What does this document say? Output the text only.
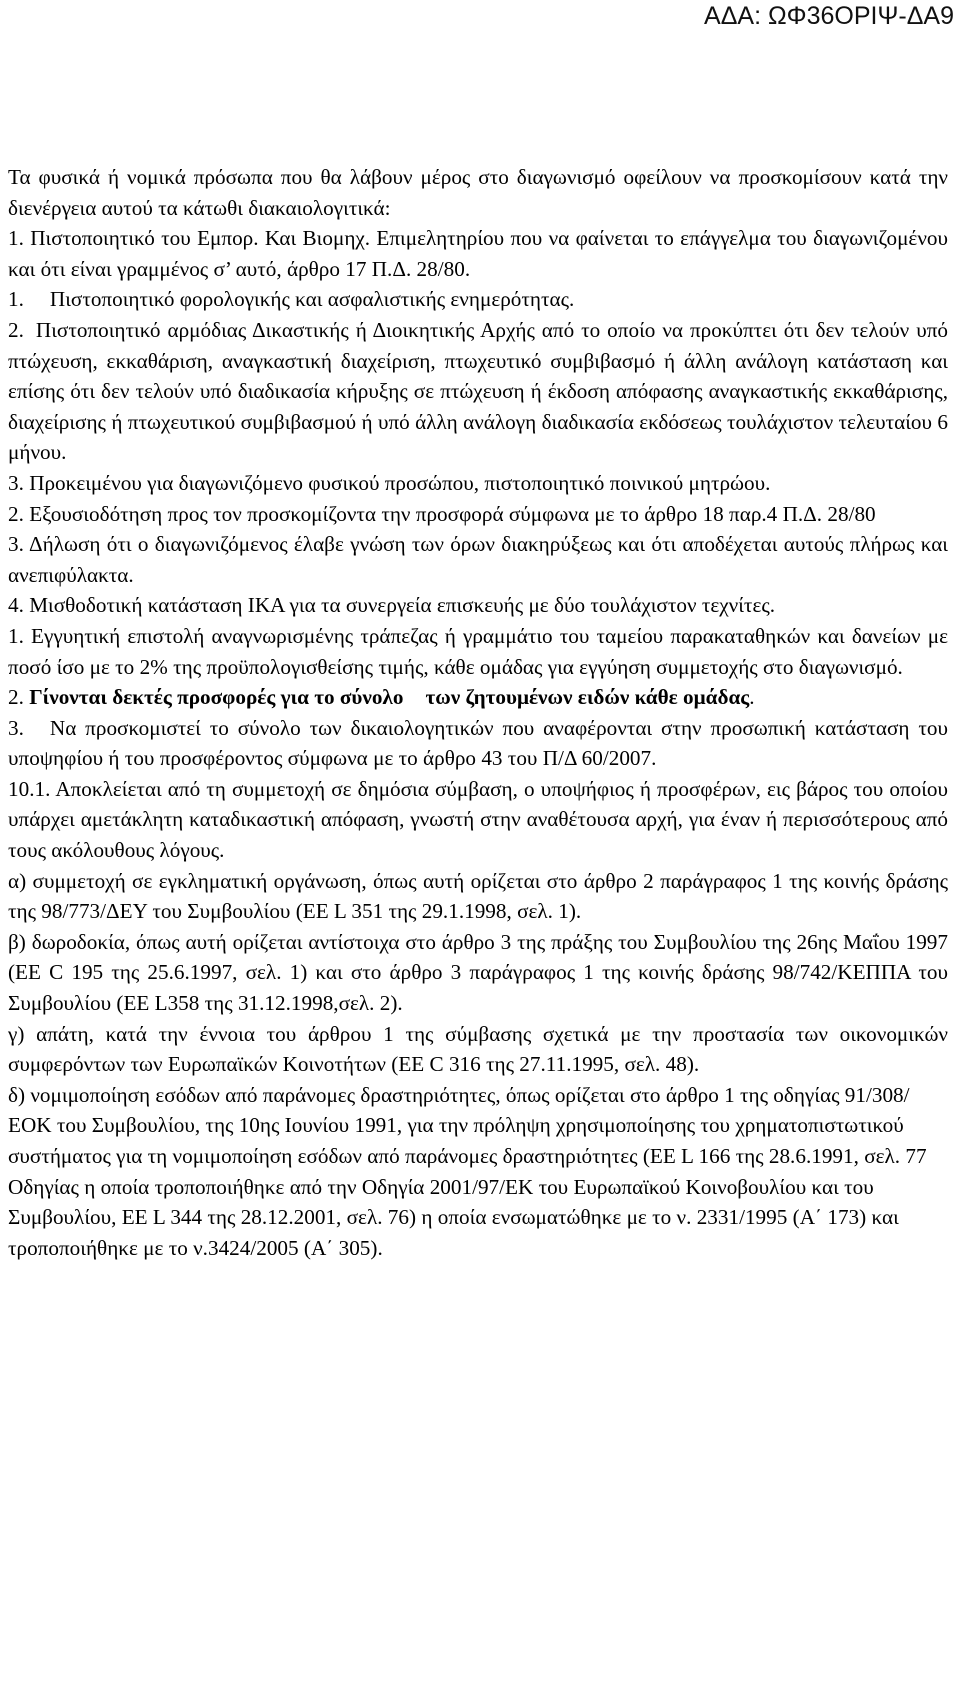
ΑΔΑ: ΩΦ36ΟΡΙΨ-ΔΑ9

Τα φυσικά ή νομικά πρόσωπα που θα λάβουν μέρος στο διαγωνισμό οφείλουν να προσκομίσουν κατά την διενέργεια αυτού τα κάτωθι διακαιολογιτικά:

1. Πιστοποιητικό του Εμπορ. Και Βιομηχ. Επιμελητηρίου που να φαίνεται το επάγγελμα του διαγωνιζομένου και ότι είναι γραμμένος σ’ αυτό, άρθρο 17 Π.Δ. 28/80.

1. Πιστοποιητικό φορολογικής και ασφαλιστικής ενημερότητας.

2. Πιστοποιητικό αρμόδιας Δικαστικής ή Διοικητικής Αρχής από το οποίο να προκύπτει ότι δεν τελούν υπό πτώχευση, εκκαθάριση, αναγκαστική διαχείριση, πτωχευτικό συμβιβασμό ή άλλη ανάλογη κατάσταση και επίσης ότι δεν τελούν υπό διαδικασία κήρυξης σε πτώχευση ή έκδοση απόφασης αναγκαστικής εκκαθάρισης, διαχείρισης ή πτωχευτικού συμβιβασμού ή υπό άλλη ανάλογη διαδικασία εκδόσεως τουλάχιστον τελευταίου 6 μήνου.

3. Προκειμένου για διαγωνιζόμενο φυσικού προσώπου, πιστοποιητικό ποινικού μητρώου.

2. Εξουσιοδότηση προς τον προσκομίζοντα την προσφορά σύμφωνα με το άρθρο 18 παρ.4 Π.Δ. 28/80

3. Δήλωση ότι ο διαγωνιζόμενος έλαβε γνώση των όρων διακηρύξεως και ότι αποδέχεται αυτούς πλήρως και ανεπιφύλακτα.

4. Μισθοδοτική κατάσταση ΙΚΑ για τα συνεργεία επισκευής με δύο τουλάχιστον τεχνίτες.

1. Εγγυητική επιστολή αναγνωρισμένης τράπεζας ή γραμμάτιο του ταμείου παρακαταθηκών και δανείων με ποσό ίσο με το 2% της προϋπολογισθείσης τιμής, κάθε ομάδας για εγγύηση συμμετοχής στο διαγωνισμό.

2. Γίνονται δεκτές προσφορές για το σύνολο των ζητουμένων ειδών κάθε ομάδας.

3. Να προσκομιστεί το σύνολο των δικαιολογητικών που αναφέρονται στην προσωπική κατάσταση του υποψηφίου ή του προσφέροντος σύμφωνα με το άρθρο 43 του Π/Δ 60/2007.

10.1. Αποκλείεται από τη συμμετοχή σε δημόσια σύμβαση, ο υποψήφιος ή προσφέρων, εις βάρος του οποίου υπάρχει αμετάκλητη καταδικαστική απόφαση, γνωστή στην αναθέτουσα αρχή, για έναν ή περισσότερους από τους ακόλουθους λόγους.

α) συμμετοχή σε εγκληματική οργάνωση, όπως αυτή ορίζεται στο άρθρο 2 παράγραφος 1 της κοινής δράσης της 98/773/ΔΕΥ του Συμβουλίου (ΕΕ L 351 της 29.1.1998, σελ. 1).

β) δωροδοκία, όπως αυτή ορίζεται αντίστοιχα στο άρθρο 3 της πράξης του Συμβουλίου της 26ης Μαΐου 1997 (ΕΕ C 195 της 25.6.1997, σελ. 1) και στο άρθρο 3 παράγραφος 1 της κοινής δράσης 98/742/ΚΕΠΠΑ του Συμβουλίου (ΕΕ L358 της 31.12.1998,σελ. 2).

γ) απάτη, κατά την έννοια του άρθρου 1 της σύμβασης σχετικά με την προστασία των οικονομικών συμφερόντων των Ευρωπαϊκών Κοινοτήτων (ΕΕ C 316 της 27.11.1995, σελ. 48).

δ) νομιμοποίηση εσόδων από παράνομες δραστηριότητες, όπως ορίζεται στο άρθρο 1 της οδηγίας 91/308/ ΕΟΚ του Συμβουλίου, της 10ης Ιουνίου 1991, για την πρόληψη χρησιμοποίησης του χρηματοπιστωτικού συστήματος για τη νομιμοποίηση εσόδων από παράνομες δραστηριότητες (ΕΕ L 166 της 28.6.1991, σελ. 77 Οδηγίας η οποία τροποποιήθηκε από την Οδηγία 2001/97/ΕΚ του Ευρωπαϊκού Κοινοβουλίου και του Συμβουλίου, ΕΕ L 344 της 28.12.2001, σελ. 76) η οποία ενσωματώθηκε με το ν. 2331/1995 (Α΄ 173) και τροποποιήθηκε με το ν.3424/2005 (Α΄ 305).
